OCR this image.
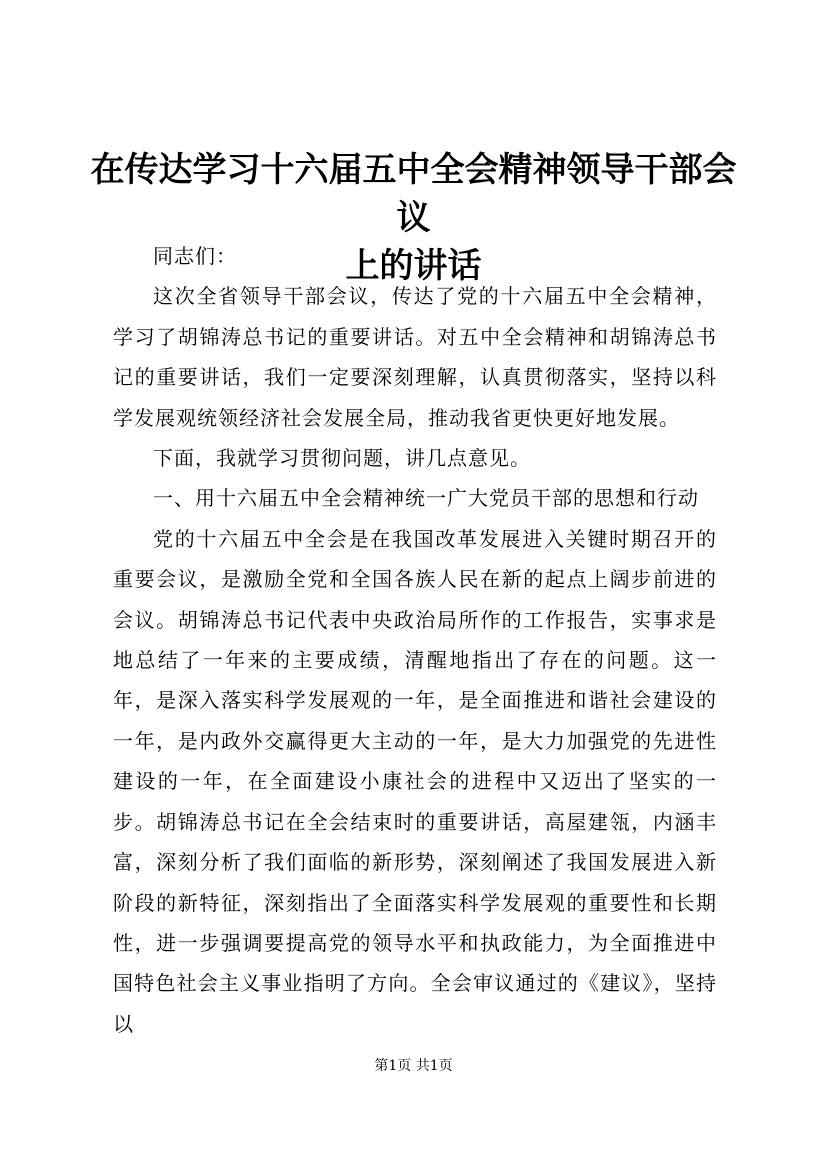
在传达学习十六届五中全会精神领导干部会议
上的讲话

同志们：

这次全省领导干部会议，传达了党的十六届五中全会精神，学习了胡锦涛总书记的重要讲话。对五中全会精神和胡锦涛总书记的重要讲话，我们一定要深刻理解，认真贯彻落实，坚持以科学发展观统领经济社会发展全局，推动我省更快更好地发展。

下面，我就学习贯彻问题，讲几点意见。

一、用十六届五中全会精神统一广大党员干部的思想和行动

党的十六届五中全会是在我国改革发展进入关键时期召开的重要会议，是激励全党和全国各族人民在新的起点上阔步前进的会议。胡锦涛总书记代表中央政治局所作的工作报告，实事求是地总结了一年来的主要成绩，清醒地指出了存在的问题。这一年，是深入落实科学发展观的一年，是全面推进和谐社会建设的一年，是内政外交赢得更大主动的一年，是大力加强党的先进性建设的一年，在全面建设小康社会的进程中又迈出了坚实的一步。胡锦涛总书记在全会结束时的重要讲话，高屋建瓴，内涵丰富，深刻分析了我们面临的新形势，深刻阐述了我国发展进入新阶段的新特征，深刻指出了全面落实科学发展观的重要性和长期性，进一步强调要提高党的领导水平和执政能力，为全面推进中国特色社会主义事业指明了方向。全会审议通过的《建议》，坚持以

第1页 共1页
